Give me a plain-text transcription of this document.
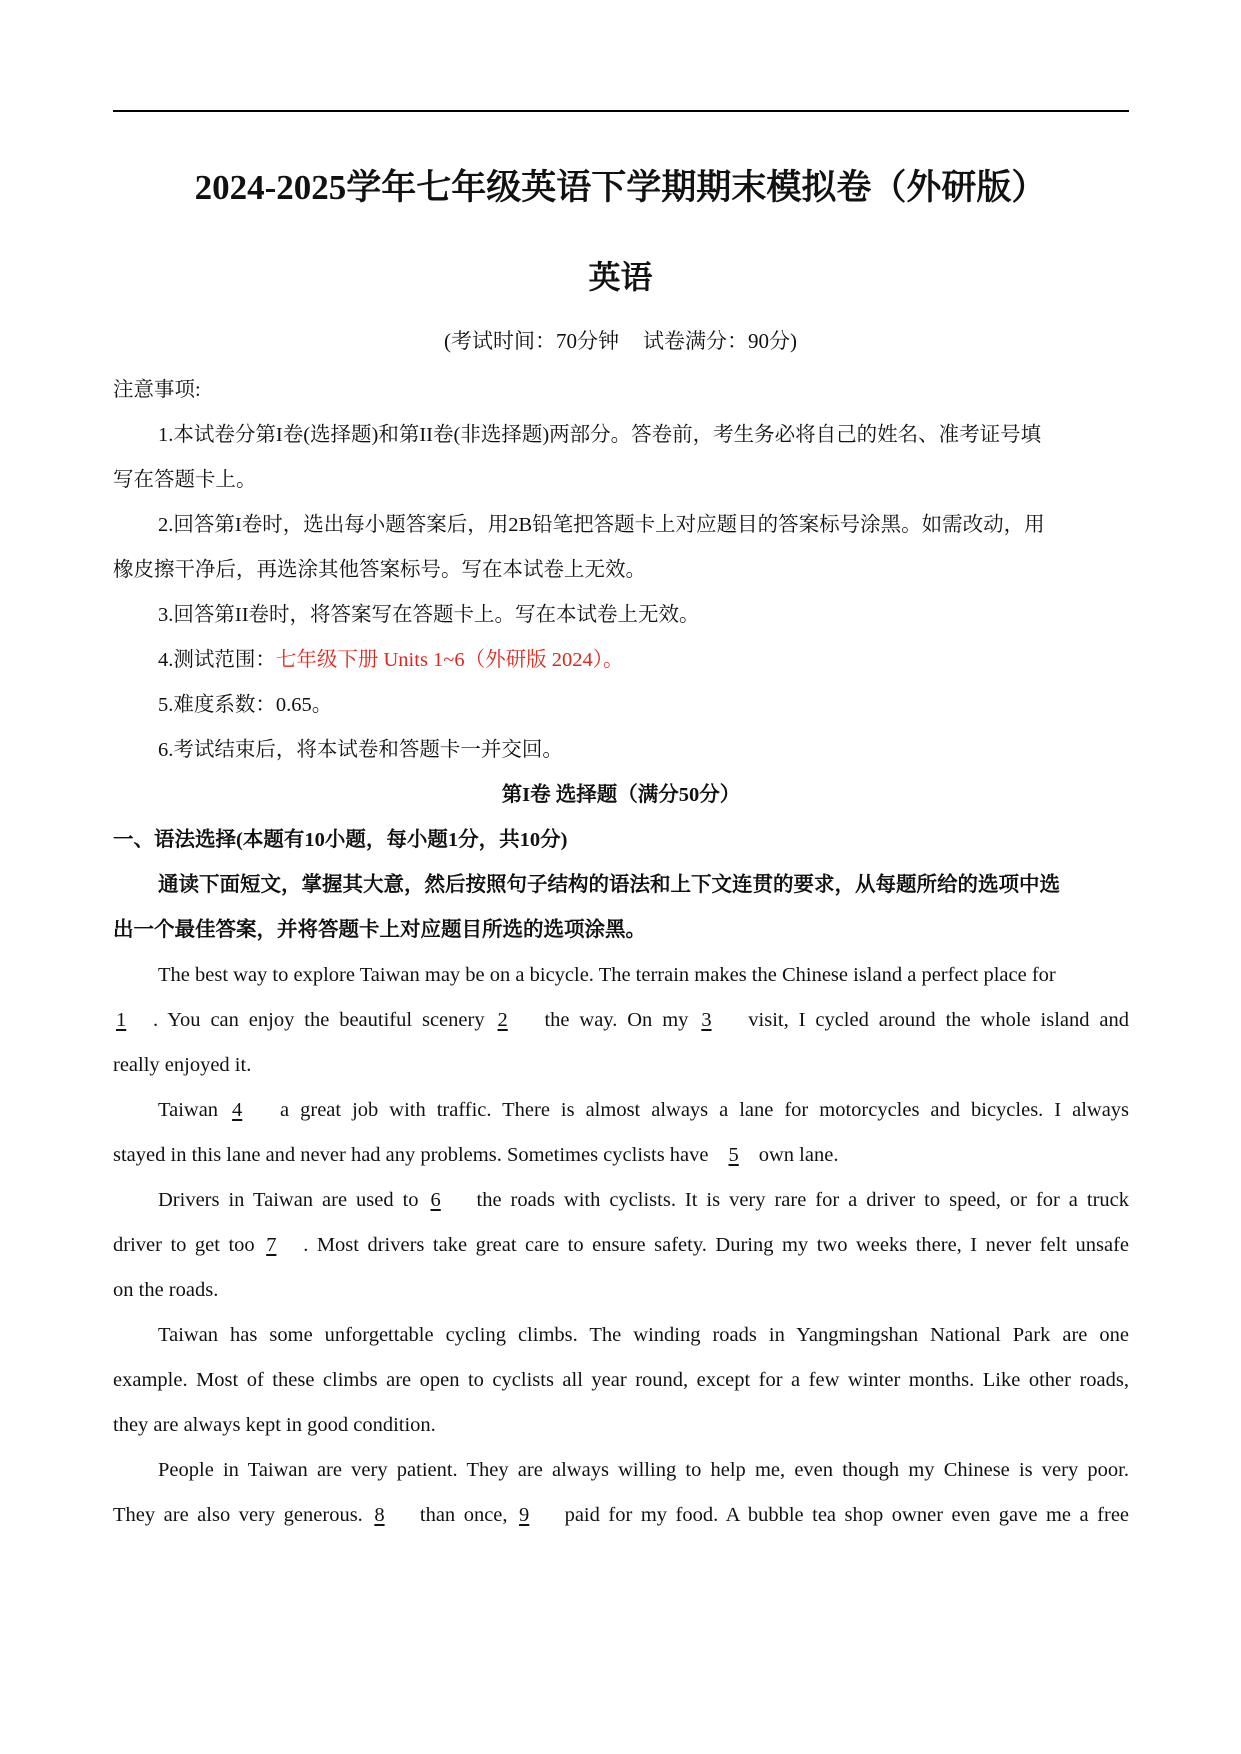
2024-2025学年七年级英语下学期期末模拟卷（外研版）
英语
(考试时间：70分钟 试卷满分：90分)
注意事项:
1.本试卷分第I卷(选择题)和第II卷(非选择题)两部分。答卷前，考生务必将自己的姓名、准考证号填
写在答题卡上。
2.回答第I卷时，选出每小题答案后，用2B铅笔把答题卡上对应题目的答案标号涂黑。如需改动，用
橡皮擦干净后，再选涂其他答案标号。写在本试卷上无效。
3.回答第II卷时，将答案写在答题卡上。写在本试卷上无效。
4.测试范围：七年级下册 Units 1~6（外研版 2024）。
5.难度系数：0.65。
6.考试结束后，将本试卷和答题卡一并交回。
第I卷 选择题（满分50分）
一、语法选择(本题有10小题，每小题1分，共10分)
通读下面短文，掌握其大意，然后按照句子结构的语法和上下文连贯的要求，从每题所给的选项中选
出一个最佳答案，并将答题卡上对应题目所选的选项涂黑。
The best way to explore Taiwan may be on a bicycle. The terrain makes the Chinese island a perfect place for
1 . You can enjoy the beautiful scenery 2 the way. On my 3 visit, I cycled around the whole island and
really enjoyed it.
Taiwan 4 a great job with traffic. There is almost always a lane for motorcycles and bicycles. I always
stayed in this lane and never had any problems. Sometimes cyclists have 5 own lane.
Drivers in Taiwan are used to 6 the roads with cyclists. It is very rare for a driver to speed, or for a truck
driver to get too 7 . Most drivers take great care to ensure safety. During my two weeks there, I never felt unsafe
on the roads.
Taiwan has some unforgettable cycling climbs. The winding roads in Yangmingshan National Park are one
example. Most of these climbs are open to cyclists all year round, except for a few winter months. Like other roads,
they are always kept in good condition.
People in Taiwan are very patient. They are always willing to help me, even though my Chinese is very poor.
They are also very generous. 8 than once, 9 paid for my food. A bubble tea shop owner even gave me a free
